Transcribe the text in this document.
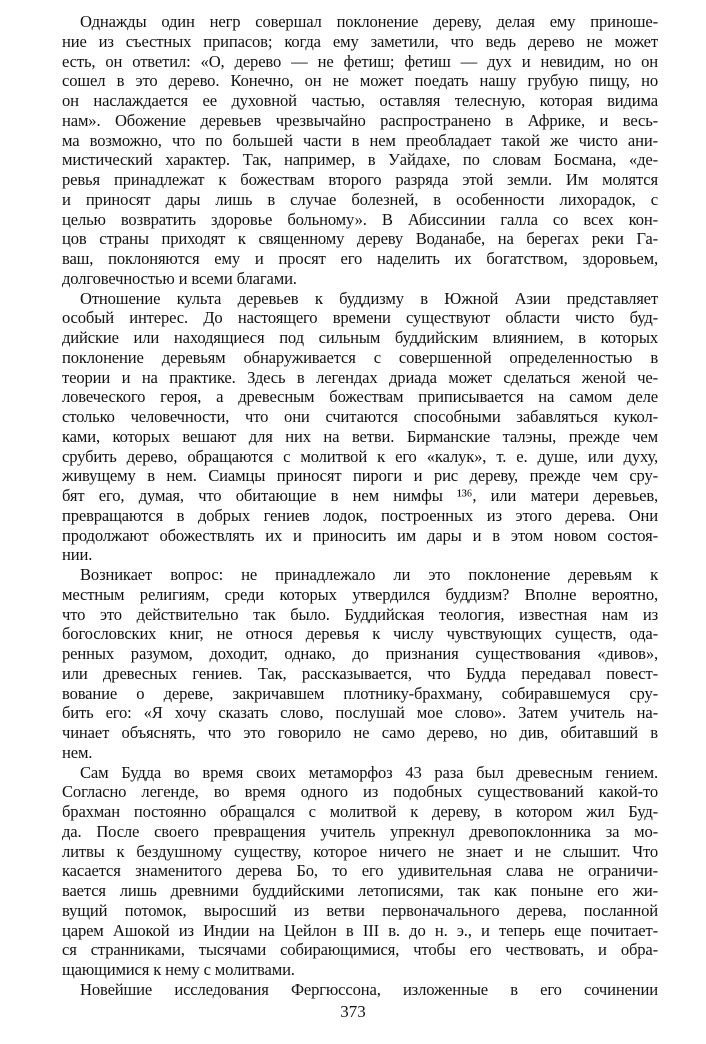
Однажды один негр совершал поклонение дереву, делая ему приноше-
ние из съестных припасов; когда ему заметили, что ведь дерево не может
есть, он ответил: «О, дерево — не фетиш; фетиш — дух и невидим, но он
сошел в это дерево. Конечно, он не может поедать нашу грубую пищу, но
он наслаждается ее духовной частью, оставляя телесную, которая видима
нам». Обожение деревьев чрезвычайно распространено в Африке, и весь-
ма возможно, что по большей части в нем преобладает такой же чисто ани-
мистический характер. Так, например, в Уайдахе, по словам Босмана, «де-
ревья принадлежат к божествам второго разряда этой земли. Им молятся
и приносят дары лишь в случае болезней, в особенности лихорадок, с
целью возвратить здоровье больному». В Абиссинии галла со всех кон-
цов страны приходят к священному дереву Воданабе, на берегах реки Га-
ваш, поклоняются ему и просят его наделить их богатством, здоровьем,
долговечностью и всеми благами.
Отношение культа деревьев к буддизму в Южной Азии представляет
особый интерес. До настоящего времени существуют области чисто буд-
дийские или находящиеся под сильным буддийским влиянием, в которых
поклонение деревьям обнаруживается с совершенной определенностью в
теории и на практике. Здесь в легендах дриада может сделаться женой че-
ловеческого героя, а древесным божествам приписывается на самом деле
столько человечности, что они считаются способными забавляться кукол-
ками, которых вешают для них на ветви. Бирманские талэны, прежде чем
срубить дерево, обращаются с молитвой к его «калук», т. е. душе, или духу,
живущему в нем. Сиамцы приносят пироги и рис дереву, прежде чем сру-
бят его, думая, что обитающие в нем нимфы ¹³⁶, или матери деревьев,
превращаются в добрых гениев лодок, построенных из этого дерева. Они
продолжают обожествлять их и приносить им дары и в этом новом состоя-
нии.
Возникает вопрос: не принадлежало ли это поклонение деревьям к
местным религиям, среди которых утвердился буддизм? Вполне вероятно,
что это действительно так было. Буддийская теология, известная нам из
богословских книг, не относя деревья к числу чувствующих существ, ода-
ренных разумом, доходит, однако, до признания существования «дивов»,
или древесных гениев. Так, рассказывается, что Будда передавал повест-
вование о дереве, закричавшем плотнику-брахману, собиравшемуся сру-
бить его: «Я хочу сказать слово, послушай мое слово». Затем учитель на-
чинает объяснять, что это говорило не само дерево, но див, обитавший в
нем.
Сам Будда во время своих метаморфоз 43 раза был древесным гением.
Согласно легенде, во время одного из подобных существований какой-то
брахман постоянно обращался с молитвой к дереву, в котором жил Буд-
да. После своего превращения учитель упрекнул древопоклонника за мо-
литвы к бездушному существу, которое ничего не знает и не слышит. Что
касается знаменитого дерева Бо, то его удивительная слава не ограничи-
вается лишь древними буддийскими летописями, так как поныне его жи-
вущий потомок, выросший из ветви первоначального дерева, посланной
царем Ашокой из Индии на Цейлон в III в. до н. э., и теперь еще почитает-
ся странниками, тысячами собирающимися, чтобы его чествовать, и обра-
щающимися к нему с молитвами.
Новейшие исследования Фергюссона, изложенные в его сочинении
373
